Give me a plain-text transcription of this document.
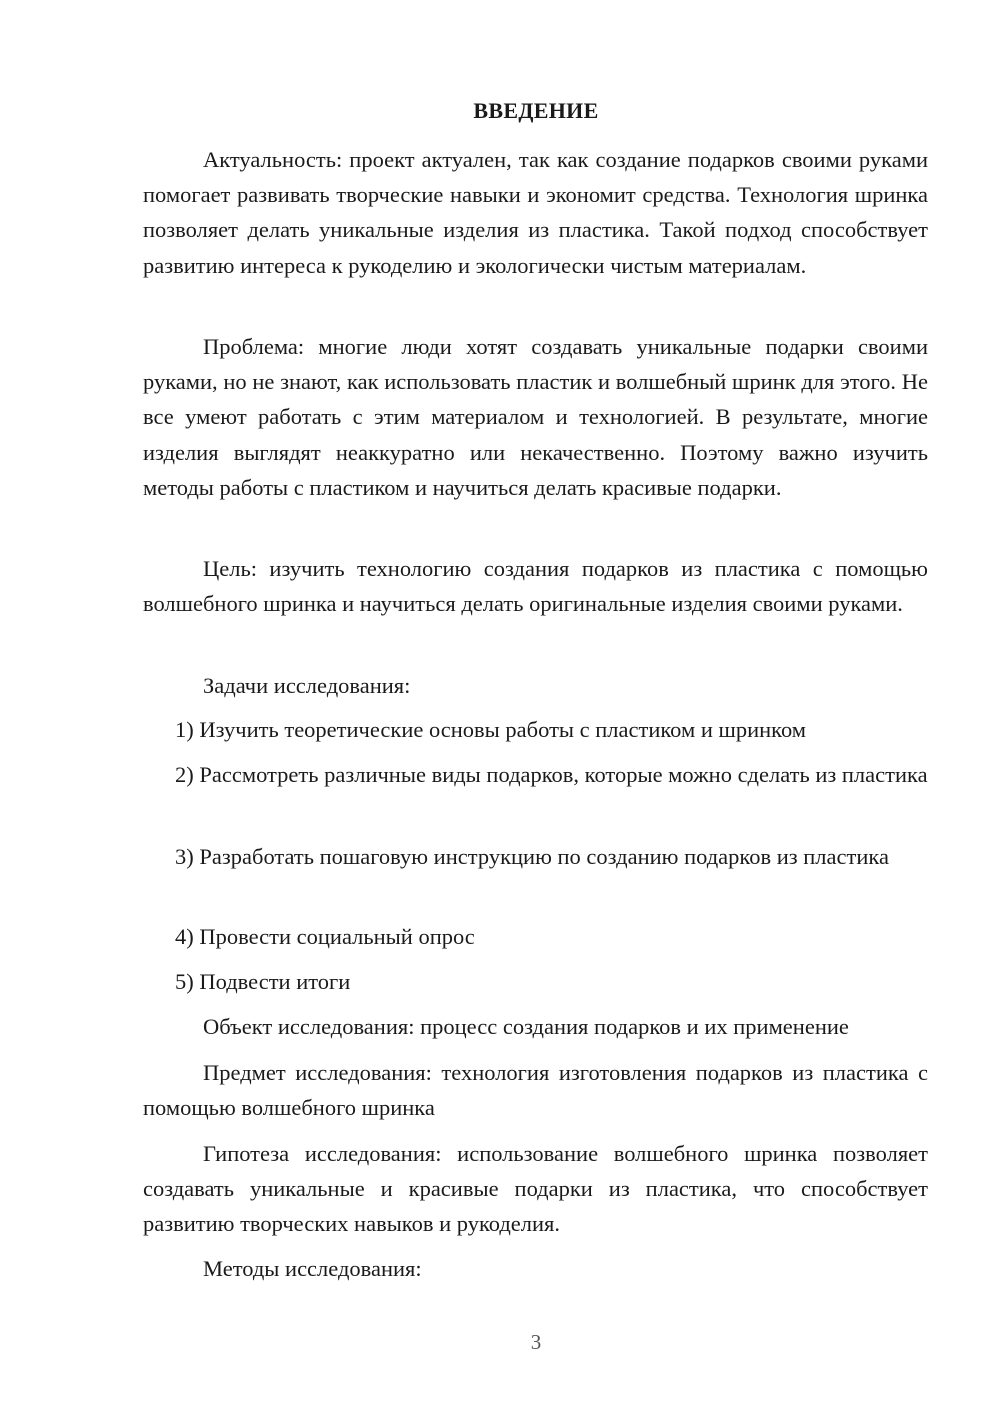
ВВЕДЕНИЕ

Актуальность: проект актуален, так как создание подарков своими руками помогает развивать творческие навыки и экономит средства. Технология шринка позволяет делать уникальные изделия из пластика. Такой подход способствует развитию интереса к рукоделию и экологически чистым материалам.

Проблема: многие люди хотят создавать уникальные подарки своими руками, но не знают, как использовать пластик и волшебный шринк для этого. Не все умеют работать с этим материалом и технологией. В результате, многие изделия выглядят неаккуратно или некачественно. Поэтому важно изучить методы работы с пластиком и научиться делать красивые подарки.

Цель: изучить технологию создания подарков из пластика с помощью волшебного шринка и научиться делать оригинальные изделия своими руками.

Задачи исследования:

1) Изучить теоретические основы работы с пластиком и шринком

2) Рассмотреть различные виды подарков, которые можно сделать из пластика

3) Разработать пошаговую инструкцию по созданию подарков из пластика

4) Провести социальный опрос

5) Подвести итоги

Объект исследования: процесс создания подарков и их применение

Предмет исследования: технология изготовления подарков из пластика с помощью волшебного шринка

Гипотеза исследования: использование волшебного шринка позволяет создавать уникальные и красивые подарки из пластика, что способствует развитию творческих навыков и рукоделия.

Методы исследования:

3
